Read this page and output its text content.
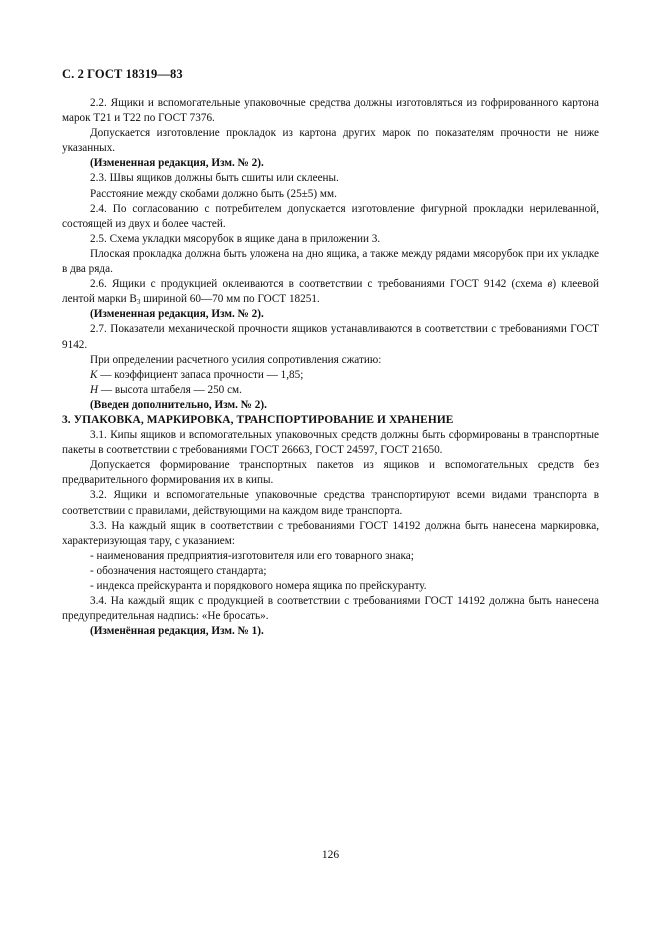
С. 2 ГОСТ 18319—83

2.2. Ящики и вспомогательные упаковочные средства должны изготовляться из гофрированного картона марок Т21 и Т22 по ГОСТ 7376.

Допускается изготовление прокладок из картона других марок по показателям прочности не ниже указанных.

(Измененная редакция, Изм. № 2).

2.3. Швы ящиков должны быть сшиты или склеены.

Расстояние между скобами должно быть (25±5) мм.

2.4. По согласованию с потребителем допускается изготовление фигурной прокладки нерилеванной, состоящей из двух и более частей.

2.5. Схема укладки мясорубок в ящике дана в приложении 3.

Плоская прокладка должна быть уложена на дно ящика, а также между рядами мясорубок при их укладке в два ряда.

2.6. Ящики с продукцией оклеиваются в соответствии с требованиями ГОСТ 9142 (схема в) клеевой лентой марки $В_3$ шириной 60—70 мм по ГОСТ 18251.

(Измененная редакция, Изм. № 2).

2.7. Показатели механической прочности ящиков устанавливаются в соответствии с требованиями ГОСТ 9142.

При определении расчетного усилия сопротивления сжатию:

K — коэффициент запаса прочности — 1,85;

H — высота штабеля — 250 см.

(Введен дополнительно, Изм. № 2).

3. УПАКОВКА, МАРКИРОВКА, ТРАНСПОРТИРОВАНИЕ И ХРАНЕНИЕ

3.1. Кипы ящиков и вспомогательных упаковочных средств должны быть сформированы в транспортные пакеты в соответствии с требованиями ГОСТ 26663, ГОСТ 24597, ГОСТ 21650.

Допускается формирование транспортных пакетов из ящиков и вспомогательных средств без предварительного формирования их в кипы.

3.2. Ящики и вспомогательные упаковочные средства транспортируют всеми видами транспорта в соответствии с правилами, действующими на каждом виде транспорта.

3.3. На каждый ящик в соответствии с требованиями ГОСТ 14192 должна быть нанесена маркировка, характеризующая тару, с указанием:

- наименования предприятия-изготовителя или его товарного знака;
- обозначения настоящего стандарта;
- индекса прейскуранта и порядкового номера ящика по прейскуранту.

3.4. На каждый ящик с продукцией в соответствии с требованиями ГОСТ 14192 должна быть нанесена предупредительная надпись: «Не бросать».

(Изменённая редакция, Изм. № 1).

126
